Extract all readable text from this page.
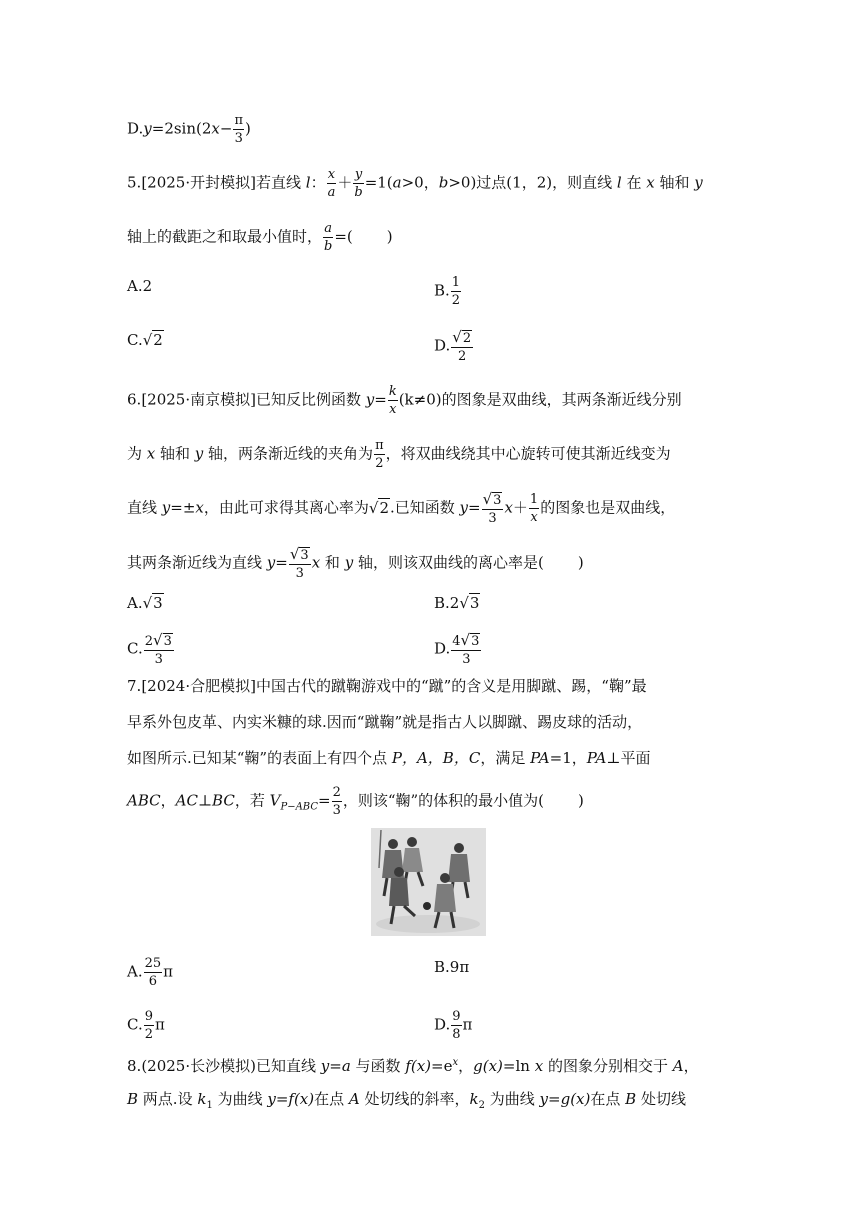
$D.y=2\sin(2x- \frac{\pi}{3}$ )
5.[2025·开封模拟]若直线 l： $\frac{x}{a} + \frac{y}{b} =1(a>0$，b>0)过点(1，2)，则直线 l 在 x 轴和 y
轴上的截距之和取最小值时， $\frac{a}{b}$ =( )
A.2	B. $\frac{1}{2}$
C.√2	D. $\frac{√2}{2}$
6.[2025·南京模拟]已知反比例函数 $y= \frac{k}{x} (k\ne 0)$的图象是双曲线，其两条渐近线分别
为 x 轴和 y 轴，两条渐近线的夹角为 $\frac{\pi}{2}$ ，将双曲线绕其中心旋转可使其渐近线变为
直线 y=±x，由此可求得其离心率为√2.已知函数 $y= \frac{√3}{3} x+ \frac{1}{x}$ 的图象也是双曲线，
其两条渐近线为直线 $y= \frac{√3}{3}$ x 和 y 轴，则该双曲线的离心率是( )
A.√3	B.2√3
C. $\frac{2√3}{3}$	D. $\frac{4√3}{3}$
7.[2024·合肥模拟]中国古代的蹴鞠游戏中的“蹴”的含义是用脚蹴、踢，“鞠”最
早系外包皮革、内实米糠的球.因而“蹴鞠”就是指古人以脚蹴、踢皮球的活动，
如图所示.已知某“鞠”的表面上有四个点 P，A，B，C，满足 PA=1，PA⊥平面
ABC，AC⊥BC，若 $V_{P-ABC}= \frac{2}{3}$ ，则该“鞠”的体积的最小值为( )
A. $\frac{25}{6}$ π	B.9π
C. $\frac{9}{2}$ π	D. $\frac{9}{8}$ π
8.(2025·长沙模拟)已知直线 y=a 与函数 $f(x)=e^x$，g(x)=ln x 的图象分别相交于 A，
B 两点.设 $k_1$ 为曲线 y=f(x)在点 A 处切线的斜率，$k_2$ 为曲线 y=g(x)在点 B 处切线
